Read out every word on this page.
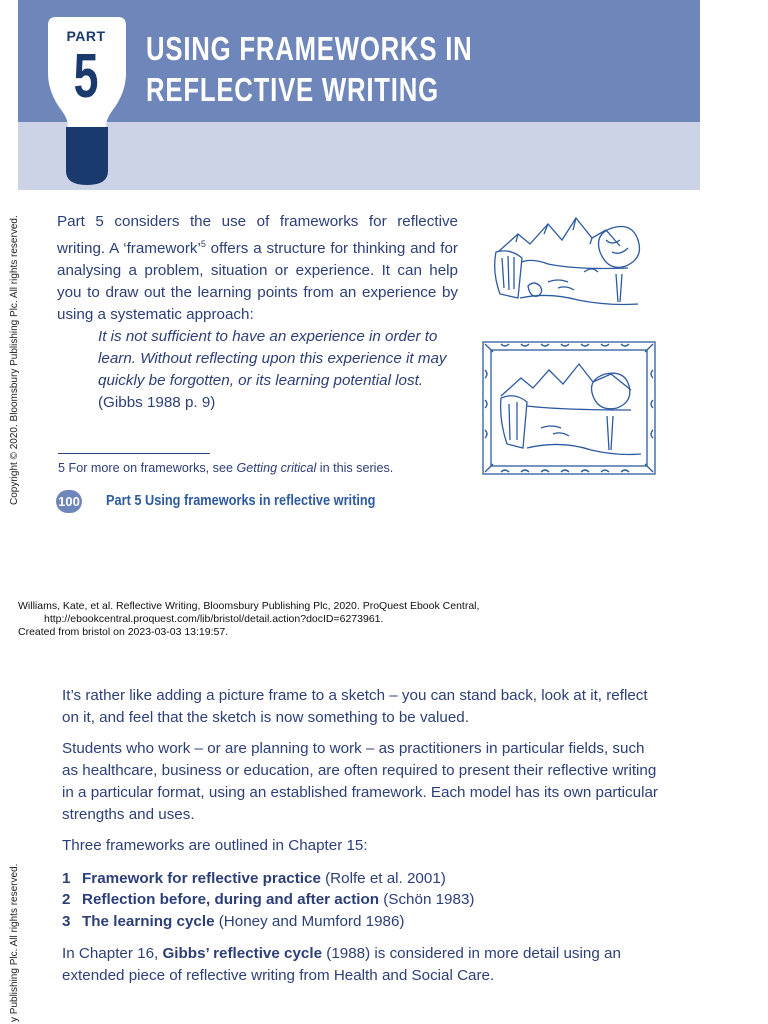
PART
5	USING FRAMEWORKS IN
REFLECTIVE WRITING
Copyright © 2020. Bloomsbury Publishing Plc. All rights reserved.
y Publishing Plc. All rights reserved.
Part 5 considers the use of frameworks for reflective writing. A ‘framework’$^5$ offers a structure for thinking and for analysing a problem, situation or experience. It can help you to draw out the learning points from an experience by using a systematic approach:
It is not sufficient to have an experience in order to learn. Without reflecting upon this experience it may quickly be forgotten, or its learning potential lost.
(Gibbs 1988 p. 9)
5 For more on frameworks, see Getting critical in this series.
100 Part 5 Using frameworks in reflective writing
Williams, Kate, et al. Reflective Writing, Bloomsbury Publishing Plc, 2020. ProQuest Ebook Central,
http://ebookcentral.proquest.com/lib/bristol/detail.action?docID=6273961.
Created from bristol on 2023-03-03 13:19:57.
It’s rather like adding a picture frame to a sketch – you can stand back, look at it, reflect on it, and feel that the sketch is now something to be valued.
Students who work – or are planning to work – as practitioners in particular fields, such as healthcare, business or education, are often required to present their reflective writing in a particular format, using an established framework. Each model has its own particular strengths and uses.
Three frameworks are outlined in Chapter 15:
1 Framework for reflective practice (Rolfe et al. 2001)
2 Reflection before, during and after action (Schön 1983)
3 The learning cycle (Honey and Mumford 1986)
In Chapter 16, Gibbs’ reflective cycle (1988) is considered in more detail using an extended piece of reflective writing from Health and Social Care.
